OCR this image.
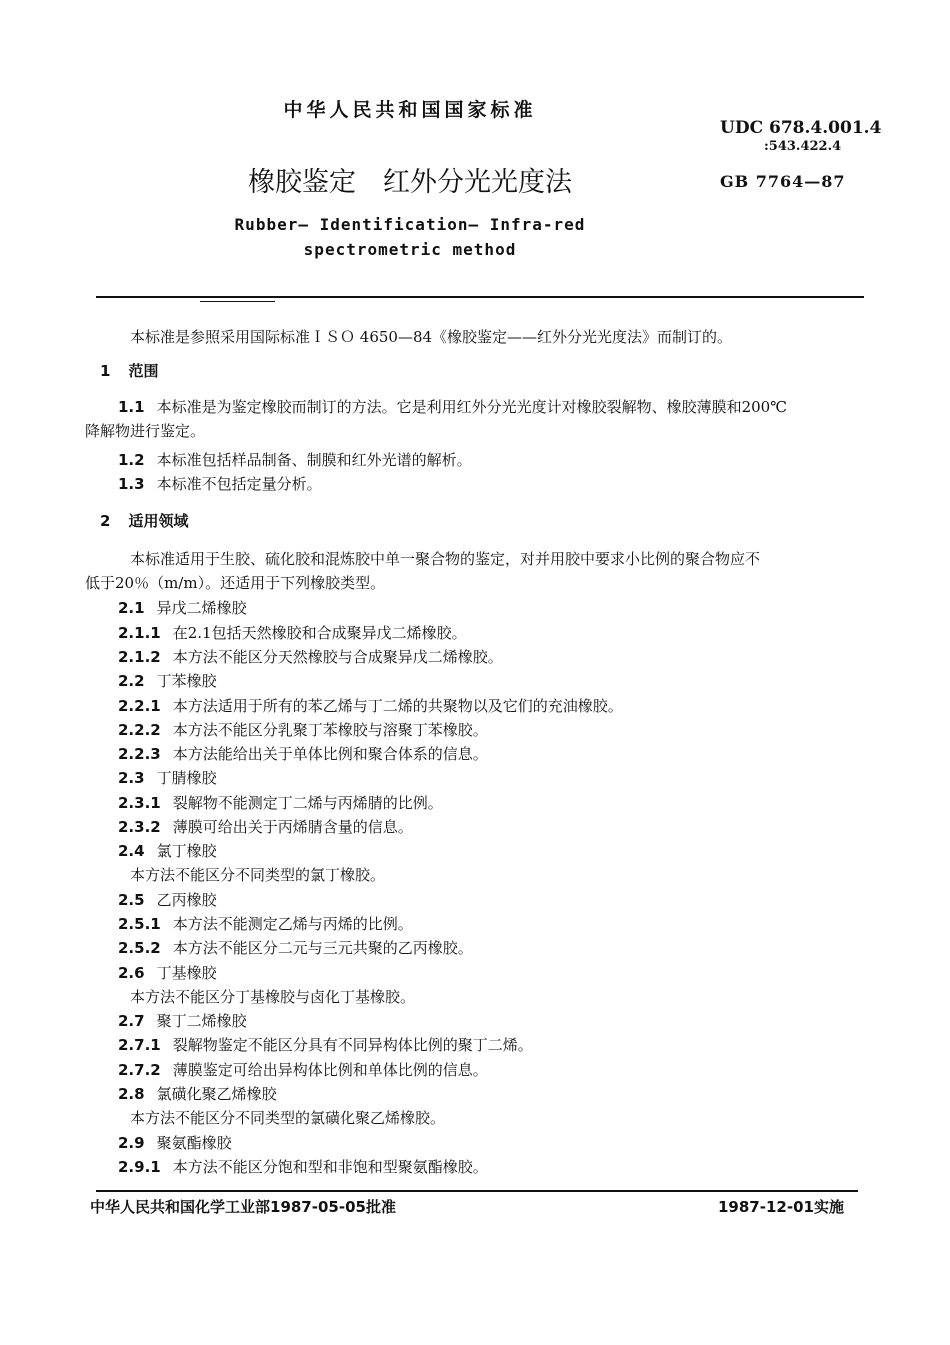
中华人民共和国国家标准
UDC 678.4.001.4
:543.422.4
橡胶鉴定　红外分光光度法	GB 7764—87
Rubber— Identification— Infra-red
spectrometric method
本标准是参照采用国际标准ＩＳＯ 4650—84《橡胶鉴定——红外分光光度法》而制订的。
1 范围
1.1 本标准是为鉴定橡胶而制订的方法。它是利用红外分光光度计对橡胶裂解物、橡胶薄膜和200℃
降解物进行鉴定。
1.2 本标准包括样品制备、制膜和红外光谱的解析。
1.3 本标准不包括定量分析。
2 适用领域
本标准适用于生胶、硫化胶和混炼胶中单一聚合物的鉴定，对并用胶中要求小比例的聚合物应不
低于20％（m/m）。还适用于下列橡胶类型。
2.1 异戊二烯橡胶
2.1.1 在2.1包括天然橡胶和合成聚异戊二烯橡胶。
2.1.2 本方法不能区分天然橡胶与合成聚异戊二烯橡胶。
2.2 丁苯橡胶
2.2.1 本方法适用于所有的苯乙烯与丁二烯的共聚物以及它们的充油橡胶。
2.2.2 本方法不能区分乳聚丁苯橡胶与溶聚丁苯橡胶。
2.2.3 本方法能给出关于单体比例和聚合体系的信息。
2.3 丁腈橡胶
2.3.1 裂解物不能测定丁二烯与丙烯腈的比例。
2.3.2 薄膜可给出关于丙烯腈含量的信息。
2.4 氯丁橡胶
本方法不能区分不同类型的氯丁橡胶。
2.5 乙丙橡胶
2.5.1 本方法不能测定乙烯与丙烯的比例。
2.5.2 本方法不能区分二元与三元共聚的乙丙橡胶。
2.6 丁基橡胶
本方法不能区分丁基橡胶与卤化丁基橡胶。
2.7 聚丁二烯橡胶
2.7.1 裂解物鉴定不能区分具有不同异构体比例的聚丁二烯。
2.7.2 薄膜鉴定可给出异构体比例和单体比例的信息。
2.8 氯磺化聚乙烯橡胶
本方法不能区分不同类型的氯磺化聚乙烯橡胶。
2.9 聚氨酯橡胶
2.9.1 本方法不能区分饱和型和非饱和型聚氨酯橡胶。
中华人民共和国化学工业部1987-05-05批准	1987-12-01实施
